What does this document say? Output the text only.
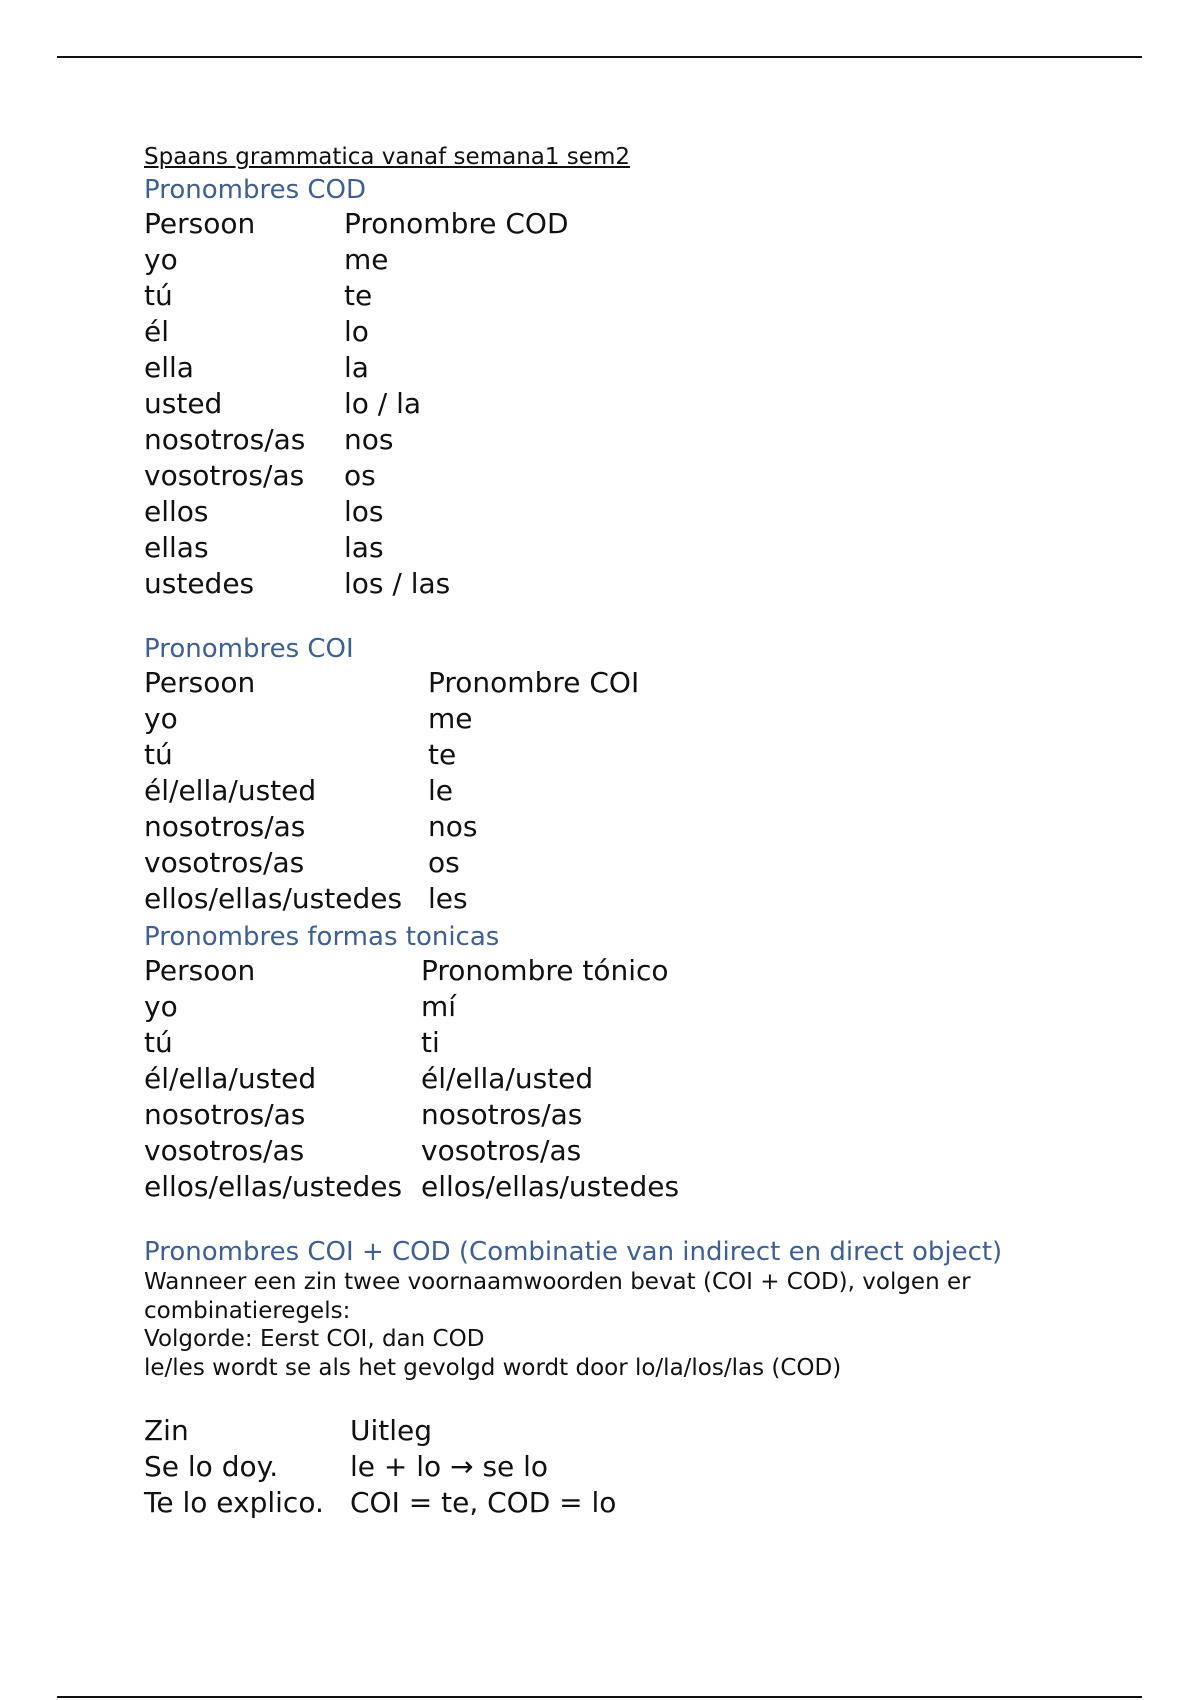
Spaans grammatica vanaf semana1 sem2

Pronombres COD
Persoon	Pronombre COD
yo	me
tú	te
él	lo
ella	la
usted	lo / la
nosotros/as	nos
vosotros/as	os
ellos	los
ellas	las
ustedes	los / las
Pronombres COI
Persoon	Pronombre COI
yo	me
tú	te
él/ella/usted	le
nosotros/as	nos
vosotros/as	os
ellos/ellas/ustedes	les
Pronombres formas tonicas
Persoon	Pronombre tónico
yo	mí
tú	ti
él/ella/usted	él/ella/usted
nosotros/as	nosotros/as
vosotros/as	vosotros/as
ellos/ellas/ustedes	ellos/ellas/ustedes
Pronombres COI + COD (Combinatie van indirect en direct object)

Wanneer een zin twee voornaamwoorden bevat (COI + COD), volgen er combinatieregels:

Volgorde: Eerst COI, dan COD

le/les wordt se als het gevolgd wordt door lo/la/los/las (COD)

Zin	Uitleg
Se lo doy.	le + lo → se lo
Te lo explico.	COI = te, COD = lo
